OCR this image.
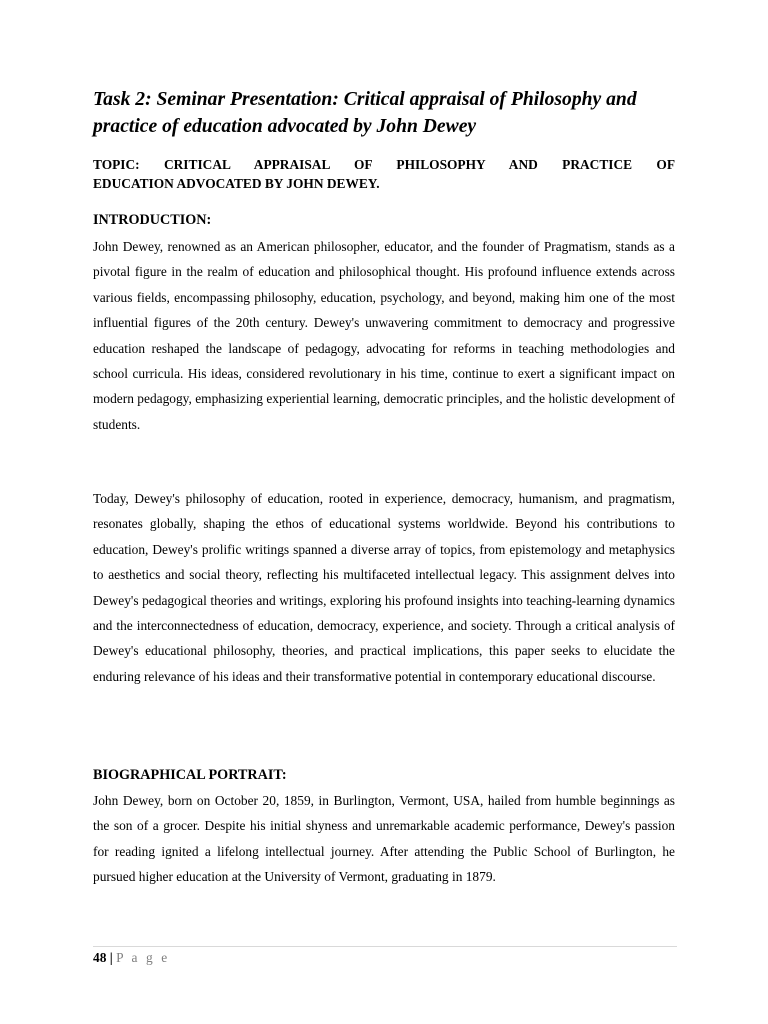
Task 2: Seminar Presentation: Critical appraisal of Philosophy and practice of education advocated by John Dewey

TOPIC: CRITICAL APPRAISAL OF PHILOSOPHY AND PRACTICE OF
EDUCATION ADVOCATED BY JOHN DEWEY.

INTRODUCTION:

John Dewey, renowned as an American philosopher, educator, and the founder of Pragmatism, stands as a pivotal figure in the realm of education and philosophical thought. His profound influence extends across various fields, encompassing philosophy, education, psychology, and beyond, making him one of the most influential figures of the 20th century. Dewey's unwavering commitment to democracy and progressive education reshaped the landscape of pedagogy, advocating for reforms in teaching methodologies and school curricula. His ideas, considered revolutionary in his time, continue to exert a significant impact on modern pedagogy, emphasizing experiential learning, democratic principles, and the holistic development of students.

Today, Dewey's philosophy of education, rooted in experience, democracy, humanism, and pragmatism, resonates globally, shaping the ethos of educational systems worldwide. Beyond his contributions to education, Dewey's prolific writings spanned a diverse array of topics, from epistemology and metaphysics to aesthetics and social theory, reflecting his multifaceted intellectual legacy. This assignment delves into Dewey's pedagogical theories and writings, exploring his profound insights into teaching-learning dynamics and the interconnectedness of education, democracy, experience, and society. Through a critical analysis of Dewey's educational philosophy, theories, and practical implications, this paper seeks to elucidate the enduring relevance of his ideas and their transformative potential in contemporary educational discourse.

BIOGRAPHICAL PORTRAIT:

John Dewey, born on October 20, 1859, in Burlington, Vermont, USA, hailed from humble beginnings as the son of a grocer. Despite his initial shyness and unremarkable academic performance, Dewey's passion for reading ignited a lifelong intellectual journey. After attending the Public School of Burlington, he pursued higher education at the University of Vermont, graduating in 1879.

48 | P a g e
